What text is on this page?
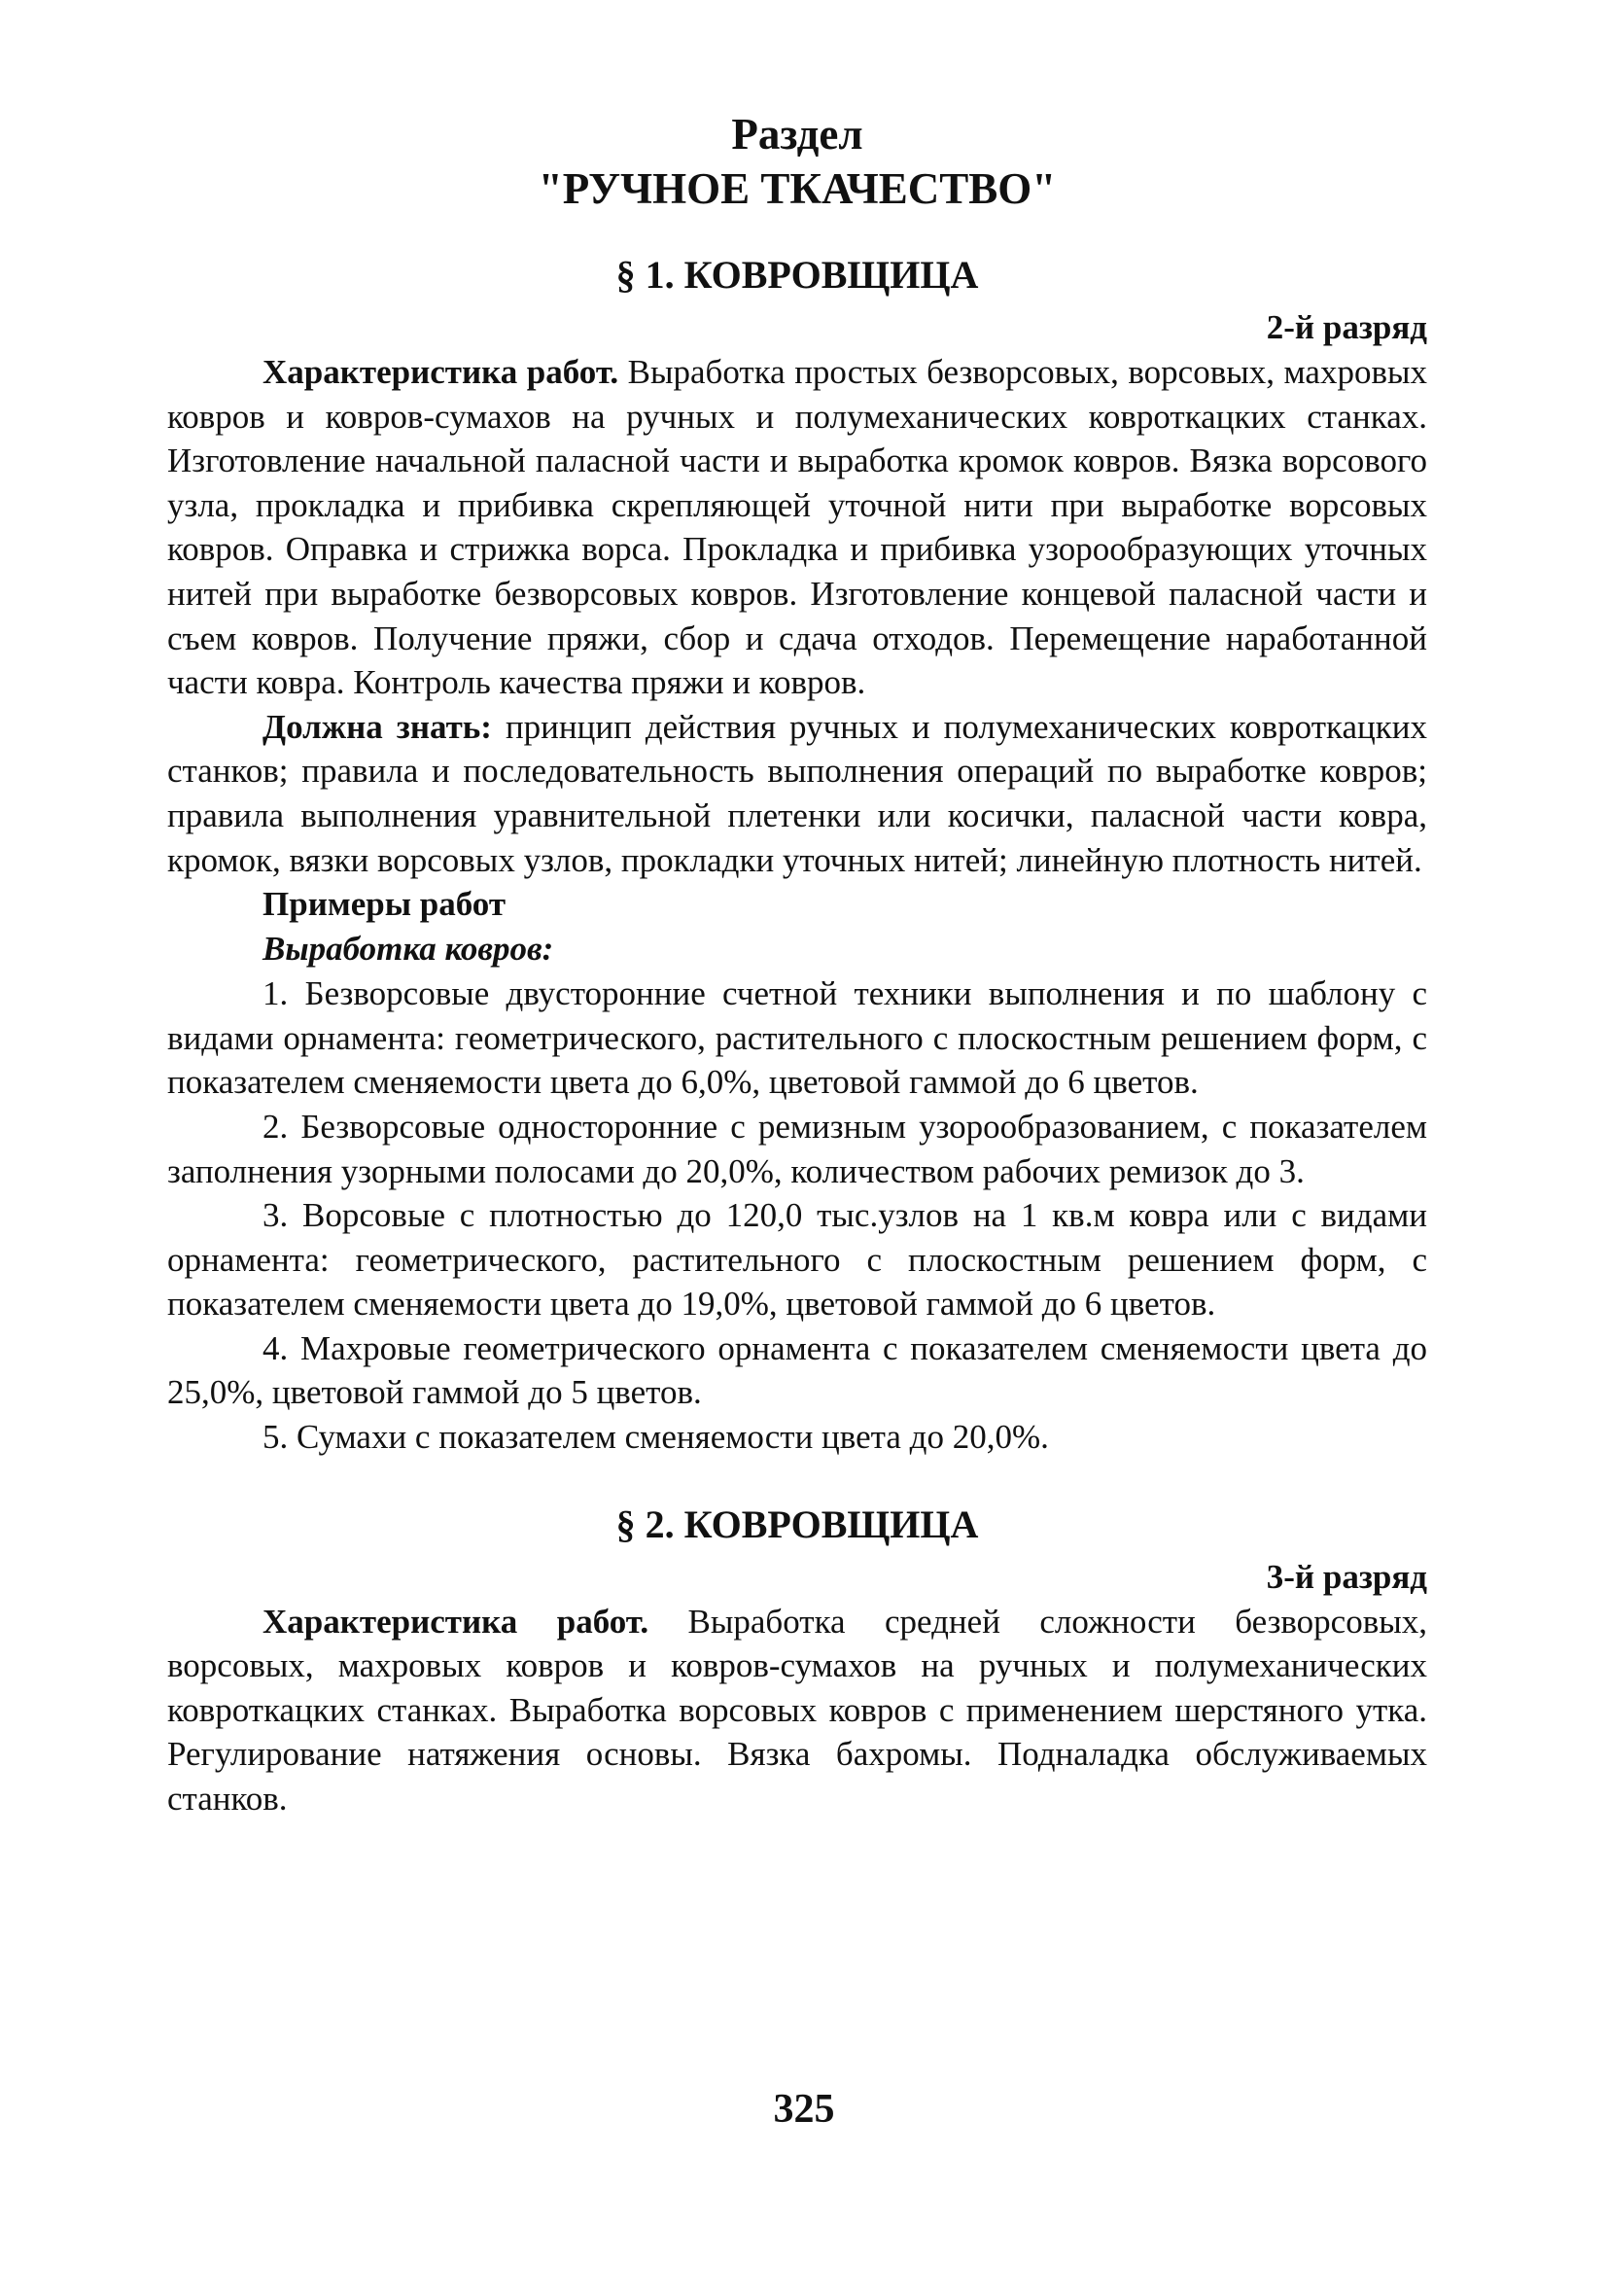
Раздел
"РУЧНОЕ ТКАЧЕСТВО"
§ 1. КОВРОВЩИЦА
2-й разряд

Характеристика работ. Выработка простых безворсовых, ворсовых, махровых ковров и ковров-сумахов на ручных и полумеханических ковроткацких станках. Изготовление начальной паласной части и выработка кромок ковров. Вязка ворсового узла, прокладка и прибивка скрепляющей уточной нити при выработке ворсовых ковров. Оправка и стрижка ворса. Прокладка и прибивка узорообразующих уточных нитей при выработке безворсовых ковров. Изготовление концевой паласной части и съем ковров. Получение пряжи, сбор и сдача отходов. Перемещение наработанной части ковра. Контроль качества пряжи и ковров.

Должна знать: принцип действия ручных и полумеханических ковроткацких станков; правила и последовательность выполнения операций по выработке ковров; правила выполнения уравнительной плетенки или косички, паласной части ковра, кромок, вязки ворсовых узлов, прокладки уточных нитей; линейную плотность нитей.

Примеры работ
Выработка ковров:

1. Безворсовые двусторонние счетной техники выполнения и по шаблону с видами орнамента: геометрического, растительного с плоскостным решением форм, с показателем сменяемости цвета до 6,0%, цветовой гаммой до 6 цветов.

2. Безворсовые односторонние с ремизным узорообразованием, с показателем заполнения узорными полосами до 20,0%, количеством рабочих ремизок до 3.

3. Ворсовые с плотностью до 120,0 тыс.узлов на 1 кв.м ковра или с видами орнамента: геометрического, растительного с плоскостным решением форм, с показателем сменяемости цвета до 19,0%, цветовой гаммой до 6 цветов.

4. Махровые геометрического орнамента с показателем сменяемости цвета до 25,0%, цветовой гаммой до 5 цветов.

5. Сумахи с показателем сменяемости цвета до 20,0%.

§ 2. КОВРОВЩИЦА
3-й разряд

Характеристика работ. Выработка средней сложности безворсовых, ворсовых, махровых ковров и ковров-сумахов на ручных и полумеханических ковроткацких станках. Выработка ворсовых ковров с применением шерстяного утка. Регулирование натяжения основы. Вязка бахромы. Подналадка обслуживаемых станков.

325
